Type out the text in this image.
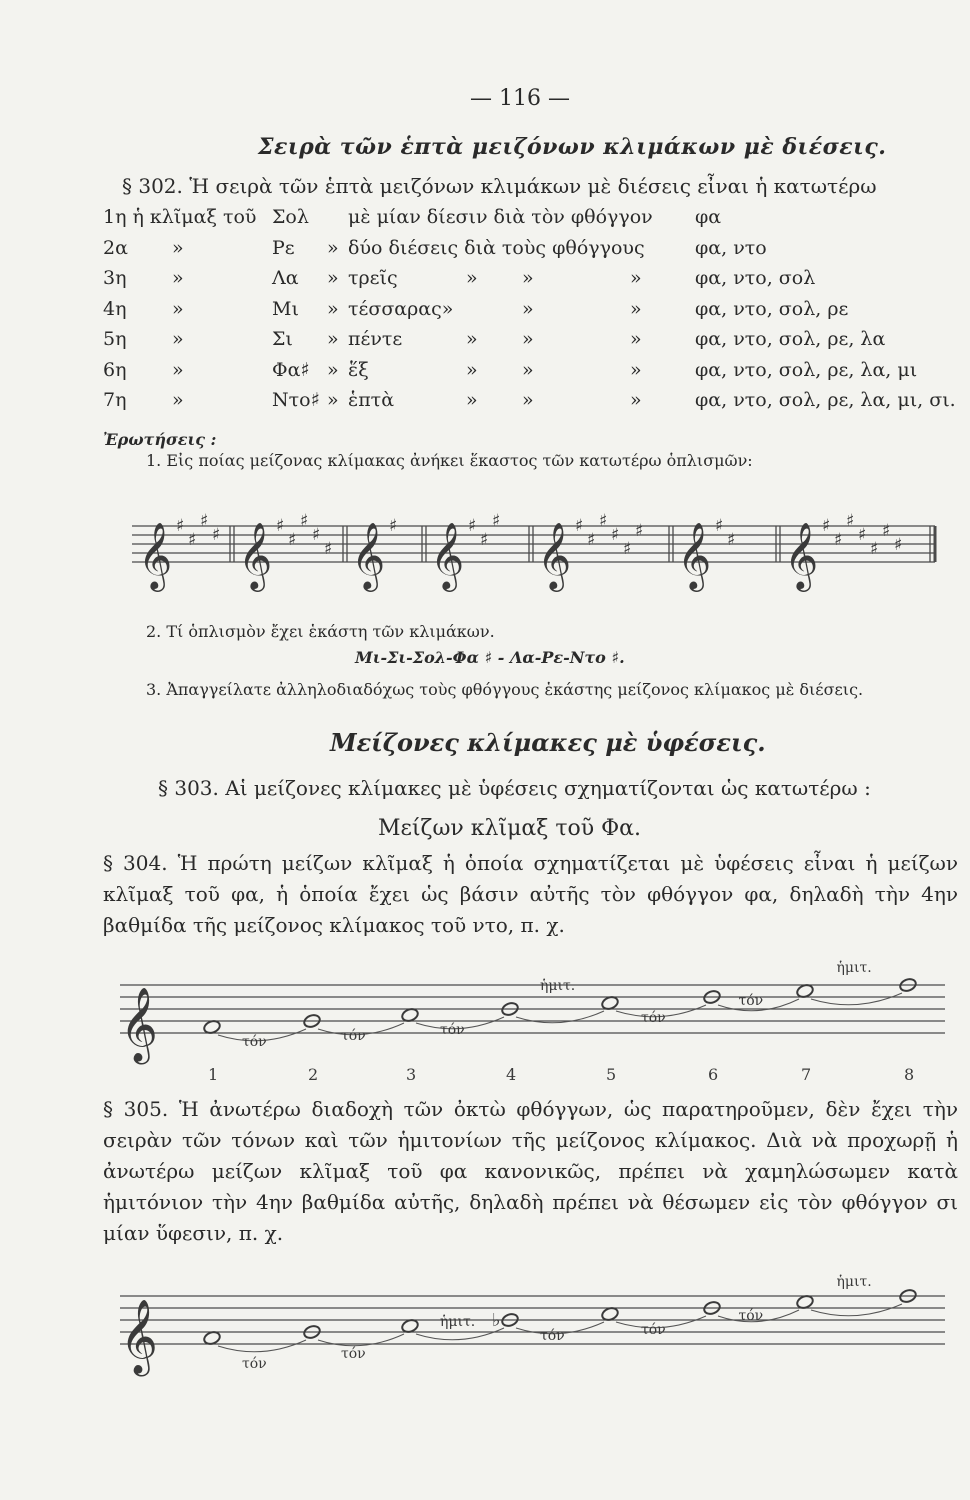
— 116 —
Σειρὰ τῶν ἑπτὰ μειζόνων κλιμάκων μὲ διέσεις.
§ 302. Ἡ σειρὰ τῶν ἑπτὰ μειζόνων κλιμάκων μὲ διέσεις εἶναι ἡ κατωτέρω
1η ἡ κλῖμαξ τοῦ Σολ μὲ μίαν δίεσιν διὰ τὸν φθόγγον φα
2α »	Ρε » δύο διέσεις διὰ τοὺς φθόγγους	φα, ντο
3η »	Λα » τρεῖς	» »	»	φα, ντο, σολ
4η »	Μι » τέσσαρας»	»	»	φα, ντο, σολ, ρε
5η »	Σι » πέντε	» »	»	φα, ντο, σολ, ρε, λα
6η »	Φα♯ » ἕξ	» »	»	φα, ντο, σολ, ρε, λα, μι
7η »	Ντο♯ » ἑπτὰ	» »	»	φα, ντο, σολ, ρε, λα, μι, σι.
Ἐρωτήσεις :
1. Εἰς ποίας μείζονας κλίμακας ἀνήκει ἕκαστος τῶν κατωτέρω ὁπλισμῶν:
𝄞 𝄞 𝄞 𝄞 𝄞 𝄞 𝄞
♯
♯
♯
♯	♯
♯
♯
♯
♯
♯	♯
♯
♯	♯
♯
♯
♯
♯
♯	♯
♯
♯
♯
♯
♯
♯
♯
♯
𝄞
1	2	3	4	5	6	7	8
τόν	τόν	τόν
ἡμιτ.
τόν
τόν
ἡμιτ.
𝄞	♭
τόν
τόν
ἡμιτ.
τόν	τόν
τόν
ἡμιτ.
2. Τί ὁπλισμὸν ἔχει ἑκάστη τῶν κλιμάκων.
Μι-Σι-Σολ-Φα ♯ - Λα-Ρε-Ντο ♯.
3. Ἀπαγγείλατε ἀλληλοδιαδόχως τοὺς φθόγγους ἑκάστης μείζονος κλίμακος μὲ διέσεις.
Μείζονες κλίμακες μὲ ὑφέσεις.
§ 303. Αἱ μείζονες κλίμακες μὲ ὑφέσεις σχηματίζονται ὡς κατωτέρω :
Μείζων κλῖμαξ τοῦ Φα.
§ 304. Ἡ πρώτη μείζων κλῖμαξ ἡ ὁποία σχηματίζεται μὲ ὑφέσεις εἶναι ἡ μείζων κλῖμαξ τοῦ φα, ἡ ὁποία ἔχει ὡς βάσιν αὐτῆς τὸν φθόγγον φα, δηλαδὴ τὴν 4ην βαθμίδα τῆς μείζονος κλίμακος τοῦ ντο, π. χ.
§ 305. Ἡ ἀνωτέρω διαδοχὴ τῶν ὀκτὼ φθόγγων, ὡς παρατηροῦμεν, δὲν ἔχει τὴν σειρὰν τῶν τόνων καὶ τῶν ἡμιτονίων τῆς μείζονος κλίμακος. Διὰ νὰ προχωρῇ ἡ ἀνωτέρω μείζων κλῖμαξ τοῦ φα κανονικῶς, πρέπει νὰ χαμηλώσωμεν κατὰ ἡμιτόνιον τὴν 4ην βαθμίδα αὐτῆς, δηλαδὴ πρέπει νὰ θέσωμεν εἰς τὸν φθόγγον σι μίαν ὕφεσιν, π. χ.
